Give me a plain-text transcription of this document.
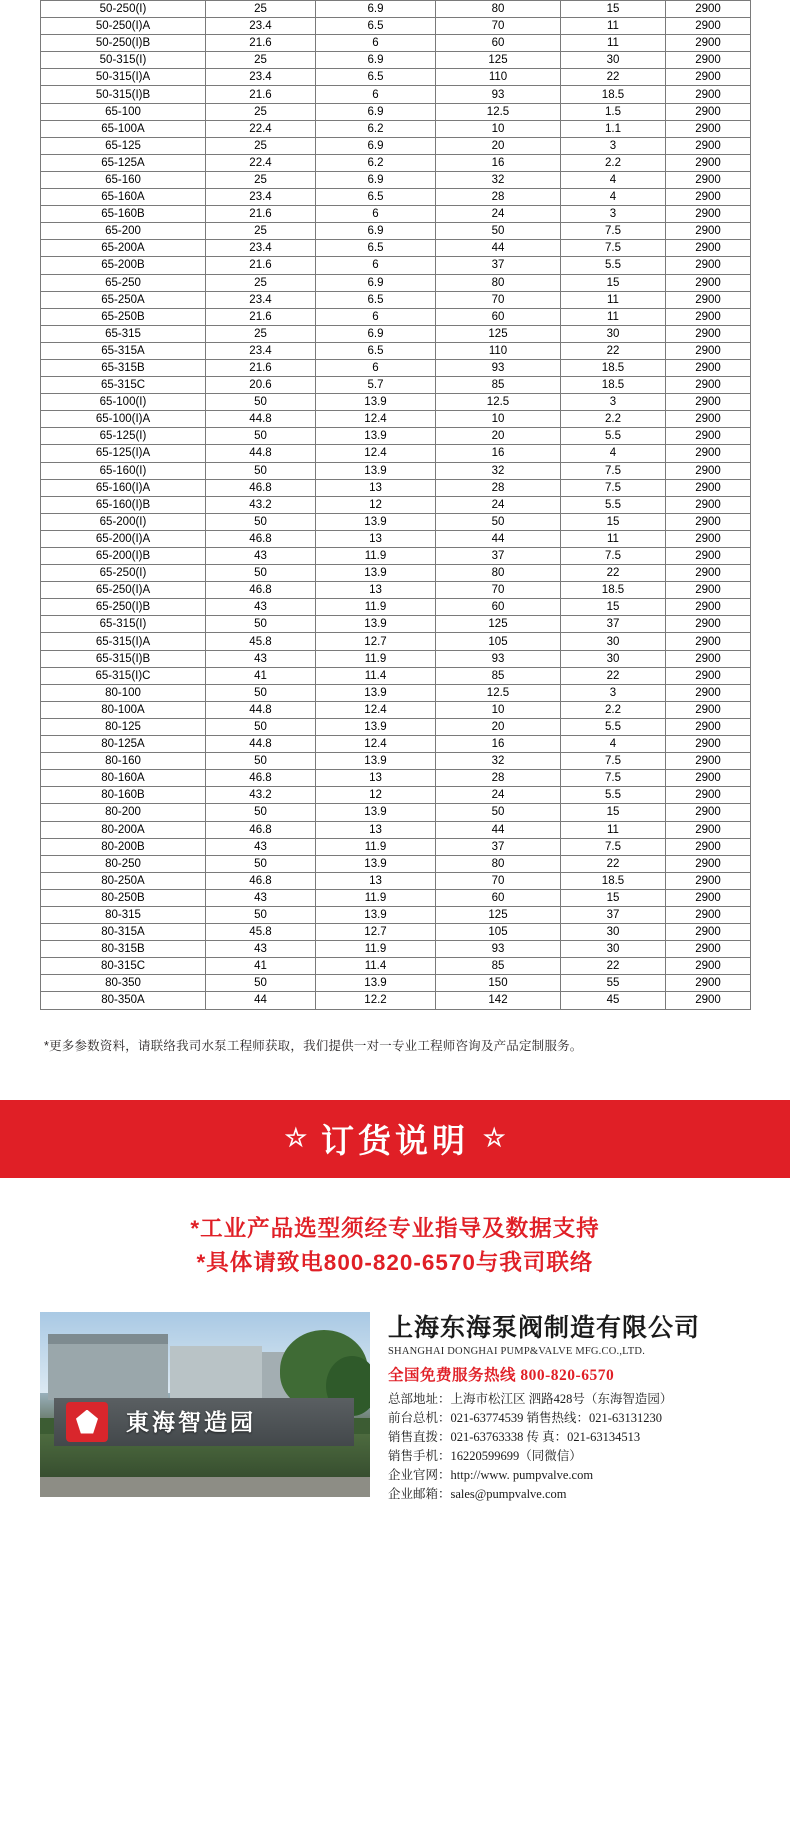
50-250(I)	25	6.9	80	15	2900
50-250(I)A	23.4	6.5	70	11	2900
50-250(I)B	21.6	6	60	11	2900
50-315(I)	25	6.9	125	30	2900
50-315(I)A	23.4	6.5	110	22	2900
50-315(I)B	21.6	6	93	18.5	2900
65-100	25	6.9	12.5	1.5	2900
65-100A	22.4	6.2	10	1.1	2900
65-125	25	6.9	20	3	2900
65-125A	22.4	6.2	16	2.2	2900
65-160	25	6.9	32	4	2900
65-160A	23.4	6.5	28	4	2900
65-160B	21.6	6	24	3	2900
65-200	25	6.9	50	7.5	2900
65-200A	23.4	6.5	44	7.5	2900
65-200B	21.6	6	37	5.5	2900
65-250	25	6.9	80	15	2900
65-250A	23.4	6.5	70	11	2900
65-250B	21.6	6	60	11	2900
65-315	25	6.9	125	30	2900
65-315A	23.4	6.5	110	22	2900
65-315B	21.6	6	93	18.5	2900
65-315C	20.6	5.7	85	18.5	2900
65-100(I)	50	13.9	12.5	3	2900
65-100(I)A	44.8	12.4	10	2.2	2900
65-125(I)	50	13.9	20	5.5	2900
65-125(I)A	44.8	12.4	16	4	2900
65-160(I)	50	13.9	32	7.5	2900
65-160(I)A	46.8	13	28	7.5	2900
65-160(I)B	43.2	12	24	5.5	2900
65-200(I)	50	13.9	50	15	2900
65-200(I)A	46.8	13	44	11	2900
65-200(I)B	43	11.9	37	7.5	2900
65-250(I)	50	13.9	80	22	2900
65-250(I)A	46.8	13	70	18.5	2900
65-250(I)B	43	11.9	60	15	2900
65-315(I)	50	13.9	125	37	2900
65-315(I)A	45.8	12.7	105	30	2900
65-315(I)B	43	11.9	93	30	2900
65-315(I)C	41	11.4	85	22	2900
80-100	50	13.9	12.5	3	2900
80-100A	44.8	12.4	10	2.2	2900
80-125	50	13.9	20	5.5	2900
80-125A	44.8	12.4	16	4	2900
80-160	50	13.9	32	7.5	2900
80-160A	46.8	13	28	7.5	2900
80-160B	43.2	12	24	5.5	2900
80-200	50	13.9	50	15	2900
80-200A	46.8	13	44	11	2900
80-200B	43	11.9	37	7.5	2900
80-250	50	13.9	80	22	2900
80-250A	46.8	13	70	18.5	2900
80-250B	43	11.9	60	15	2900
80-315	50	13.9	125	37	2900
80-315A	45.8	12.7	105	30	2900
80-315B	43	11.9	93	30	2900
80-315C	41	11.4	85	22	2900
80-350	50	13.9	150	55	2900
80-350A	44	12.2	142	45	2900
*更多参数资料，请联络我司水泵工程师获取，我们提供一对一专业工程师咨询及产品定制服务。
☆ 订货说明 ☆
*工业产品选型须经专业指导及数据支持
*具体请致电800-820-6570与我司联络
東海智造园
上海东海泵阀制造有限公司
SHANGHAI DONGHAI PUMP&VALVE MFG.CO.,LTD.
全国免费服务热线 800-820-6570
总部地址：上海市松江区 泗路428号（东海智造园）
前台总机：021-63774539 销售热线：021-63131230
销售直拨：021-63763338 传 真：021-63134513
销售手机：16220599699（同微信）
企业官网：http://www. pumpvalve.com
企业邮箱：sales@pumpvalve.com
